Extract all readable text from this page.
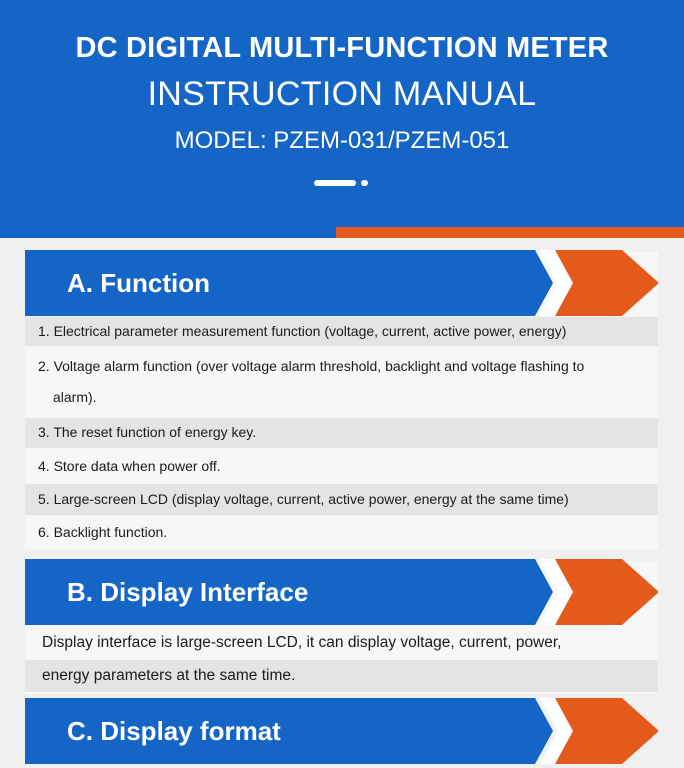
DC DIGITAL MULTI-FUNCTION METER
INSTRUCTION MANUAL
MODEL: PZEM-031/PZEM-051
A. Function
1. Electrical parameter measurement function (voltage, current, active power, energy)
2. Voltage alarm function (over voltage alarm threshold, backlight and voltage flashing to
alarm).
3. The reset function of energy key.
4. Store data when power off.
5. Large-screen LCD (display voltage, current, active power, energy at the same time)
6. Backlight function.
B. Display Interface
Display interface is large-screen LCD, it can display voltage, current, power,
energy parameters at the same time.
C. Display format
